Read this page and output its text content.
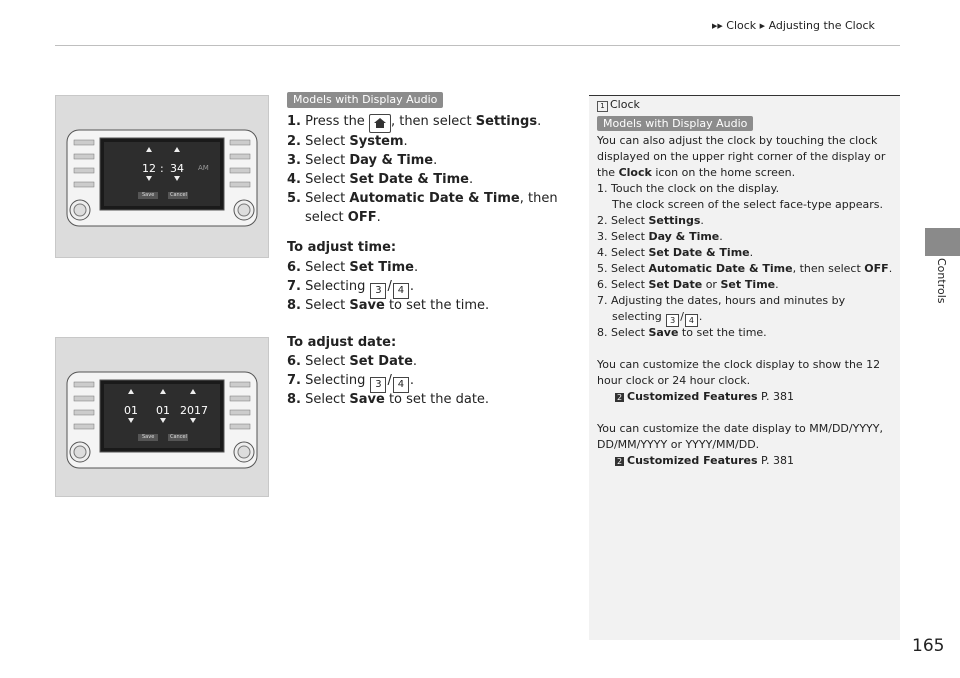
▶▶ Clock ▶ Adjusting the Clock
Controls
12 : 34 AM
Save	Cancel
01 01 2017
Save	Cancel
Models with Display Audio
1. Press the , then select Settings.
2. Select System.
3. Select Day & Time.
4. Select Set Date & Time.
5. Select Automatic Date & Time, then
select OFF.
To adjust time:
6. Select Set Time.
7. Selecting 3 / 4 .
8. Select Save to set the time.
To adjust date:
6. Select Set Date.
7. Selecting 3 / 4 .
8. Select Save to set the date.
1 Clock
Models with Display Audio
You can also adjust the clock by touching the clock
displayed on the upper right corner of the display or
the Clock icon on the home screen.
1. Touch the clock on the display.
The clock screen of the select face-type appears.
2. Select Settings.
3. Select Day & Time.
4. Select Set Date & Time.
5. Select Automatic Date & Time, then select OFF.
6. Select Set Date or Set Time.
7. Adjusting the dates, hours and minutes by
selecting 3 / 4 .
8. Select Save to set the time.
You can customize the clock display to show the 12
hour clock or 24 hour clock.
2 Customized Features P. 381
You can customize the date display to MM/DD/YYYY,
DD/MM/YYYY or YYYY/MM/DD.
2 Customized Features P. 381
165
